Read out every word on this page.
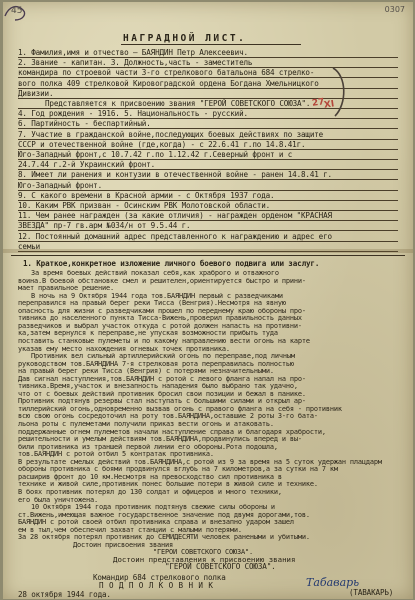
45	0307
НАГРАДНОЙ ЛИСТ.
1. Фамилия,имя и отчество — БАЯНДИН Петр Алексеевич.
2. Звание - капитан. 3. Должность,часть - заместитель
командира по строевой части 3-го стрелкового батальона 684 стрелко-
вого полка 409 стрелковой Кировоградской ордена Богдана Хмельницкого
Дивизии.
Представляется к присвоению звания "ГЕРОЙ СОВЕТСКОГО СОЮЗА".
4. Год рождения - 1916. 5. Национальность - русский.
6. Партийность - беспартийный.
7. Участие в гражданской войне,последующих боевых действиях по защите
СССР и отечественной войне (где,когда) - с 22.6.41 г.по 14.8.41г.
Юго-Западный фронт,с 10.7.42 г.по 1.12.42 г.Северный фронт и с
24.7.44 г.2-й Украинский фронт.
8. Имеет ли ранения и контузии в отечественной войне - ранен 14.8.41 г.
Юго-Западный фронт.
9. С какого времени в Красной армии - с Октября 1937 года.
10. Каким РВК призван - Осинским РВК Молотовской области.
11. Чем ранее награжден (за какие отличия) - награжден орденом "КРАСНАЯ
ЗВЕЗДА" пр-7 гв.арм №034/н от 9.5.44 г.
12. Постоянный домашний адрес представленного к награждению и адрес его
семьи
27
XI
1. Краткое,конкретное изложение личного боевого подвига или заслуг.
За время боевых действий показал себя,как храброго и отважного
воина.В боевой обстановке смел и решителен,ориентируется быстро и прини-
мает правильное решение.
В ночь на 9 Октября 1944 года тов.БАЯНДИН первый с разведчиками
переправился на правый берег реки Тисса (Венгрия).Несмотря на явную
опасность для жизни с разведчиками прошел по переднему краю обороны про-
тивника до населенного пункта Тисса-Вижень,проверил правильность данных
разведчиков и выбрал участок откуда с ротой должен напасть на противни-
ка,затем вернулся к переправе,не упуская возможности прибыть туда
поставить станковые пулеметы и по какому направлению вести огонь на карте
указав ему место нахождения огневых точек противника.
Противник вел сильный артиллерийский огонь по переправе,под личным
руководством тов.БАЯНДИНА 7-я стрелковая рота переправилась полностью
на правый берег реки Тисса (Венгрия) с потерями незначительными.
Дав сигнал наступления,тов.БАЯНДИН с ротой с левого фланга напал на про-
тивника.Время,участок и внезапность нападения было выбрано так удачно,
что от с боевых действий противник бросил свои позиции и бежал в панике.
Противник подтянув резервы стал наступать с большими силами и открыл ар-
тиллерийский огонь,одновременно вызвав огонь с правого фланга на себя - противник
всю свою огонь сосредоточил на роту тов.БАЯНДИНА,оставшие 2 роты 3-го бата-
льона роты с пулеметами получили приказ вести огонь и атаковать.
поддержанные огнем пулеметов начали наступление справа и благодаря храбрости,
решительности и умелым действиям тов.БАЯНДИНА,продвинулись вперед и вы-
били противника из траншей первой линии его обороны.Рота подошла,
тов.БАЯНДИН с ротой отбил 5 контратак противника.
В результате смелых действий тов.БАЯНДИНА,с ротой из 9 за время на 5 суток удержан плацдарм
обороны противника с боями продвинулся вглубь на 7 километров,а за сутки на 7 км
расширив фронт до 10 км.Несмотря на превосходство сил противника в
технике и живой силе,противник понес большие потери в живой силе и технике.
В боях противник потерял до 130 солдат и офицеров и много техники,
его была уничтожена.
10 Октября 1944 года противник подтянув свежие силы обороны и
ст.Вижень,имеющая важное государственное значение под двумя дорогами,тов.
БАЯНДИН с ротой своей отбил противника справа и внезапно ударом зашел
ем в тыл,чем обеспечил захват станции с малыми потерями.
За 28 октября потерял противник до СЕМИДЕСЯТИ человек ранеными и убитыми.
Достоин присвоения звания
"ГЕРОЙ СОВЕТСКОГО СОЮЗА".
Достоин представления к присвоению звания
"ГЕРОЙ СОВЕТСКОГО СОЮЗА".
Командир 684 стрелкового полка
П О Д П О Л К О В Н И К
28 октября 1944 года.
Табаварь
(ТАВАКАРЬ)
